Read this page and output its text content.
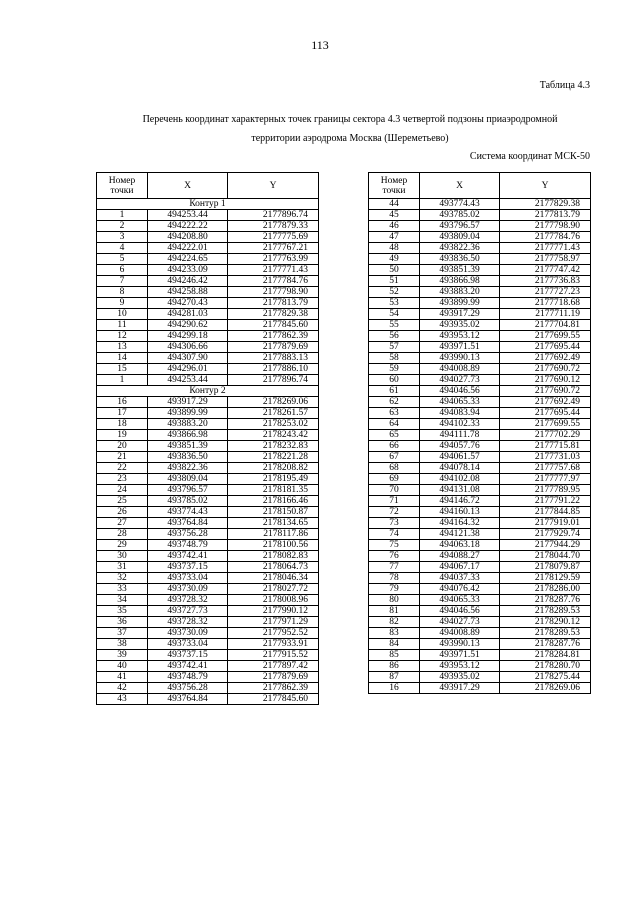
113
Таблица 4.3
Перечень координат характерных точек границы сектора 4.3 четвертой подзоны приаэродромной
территории аэродрома Москва (Шереметьево)
Система координат МСК-50
Номер
точки	X	Y
Контур 1		
1	494253.44	2177896.74
2	494222.22	2177879.33
3	494208.80	2177775.69
4	494222.01	2177767.21
5	494224.65	2177763.99
6	494233.09	2177771.43
7	494246.42	2177784.76
8	494258.88	2177798.90
9	494270.43	2177813.79
10	494281.03	2177829.38
11	494290.62	2177845.60
12	494299.18	2177862.39
13	494306.66	2177879.69
14	494307.90	2177883.13
15	494296.01	2177886.10
1	494253.44	2177896.74
Контур 2		
16	493917.29	2178269.06
17	493899.99	2178261.57
18	493883.20	2178253.02
19	493866.98	2178243.42
20	493851.39	2178232.83
21	493836.50	2178221.28
22	493822.36	2178208.82
23	493809.04	2178195.49
24	493796.57	2178181.35
25	493785.02	2178166.46
26	493774.43	2178150.87
27	493764.84	2178134.65
28	493756.28	2178117.86
29	493748.79	2178100.56
30	493742.41	2178082.83
31	493737.15	2178064.73
32	493733.04	2178046.34
33	493730.09	2178027.72
34	493728.32	2178008.96
35	493727.73	2177990.12
36	493728.32	2177971.29
37	493730.09	2177952.52
38	493733.04	2177933.91
39	493737.15	2177915.52
40	493742.41	2177897.42
41	493748.79	2177879.69
42	493756.28	2177862.39
43	493764.84	2177845.60
Номер
точки	X	Y
44	493774.43	2177829.38
45	493785.02	2177813.79
46	493796.57	2177798.90
47	493809.04	2177784.76
48	493822.36	2177771.43
49	493836.50	2177758.97
50	493851.39	2177747.42
51	493866.98	2177736.83
52	493883.20	2177727.23
53	493899.99	2177718.68
54	493917.29	2177711.19
55	493935.02	2177704.81
56	493953.12	2177699.55
57	493971.51	2177695.44
58	493990.13	2177692.49
59	494008.89	2177690.72
60	494027.73	2177690.12
61	494046.56	2177690.72
62	494065.33	2177692.49
63	494083.94	2177695.44
64	494102.33	2177699.55
65	494111.78	2177702.29
66	494057.76	2177715.81
67	494061.57	2177731.03
68	494078.14	2177757.68
69	494102.08	2177777.97
70	494131.08	2177789.95
71	494146.72	2177791.22
72	494160.13	2177844.85
73	494164.32	2177919.01
74	494121.38	2177929.74
75	494063.18	2177944.29
76	494088.27	2178044.70
77	494067.17	2178079.87
78	494037.33	2178129.59
79	494076.42	2178286.00
80	494065.33	2178287.76
81	494046.56	2178289.53
82	494027.73	2178290.12
83	494008.89	2178289.53
84	493990.13	2178287.76
85	493971.51	2178284.81
86	493953.12	2178280.70
87	493935.02	2178275.44
16	493917.29	2178269.06
